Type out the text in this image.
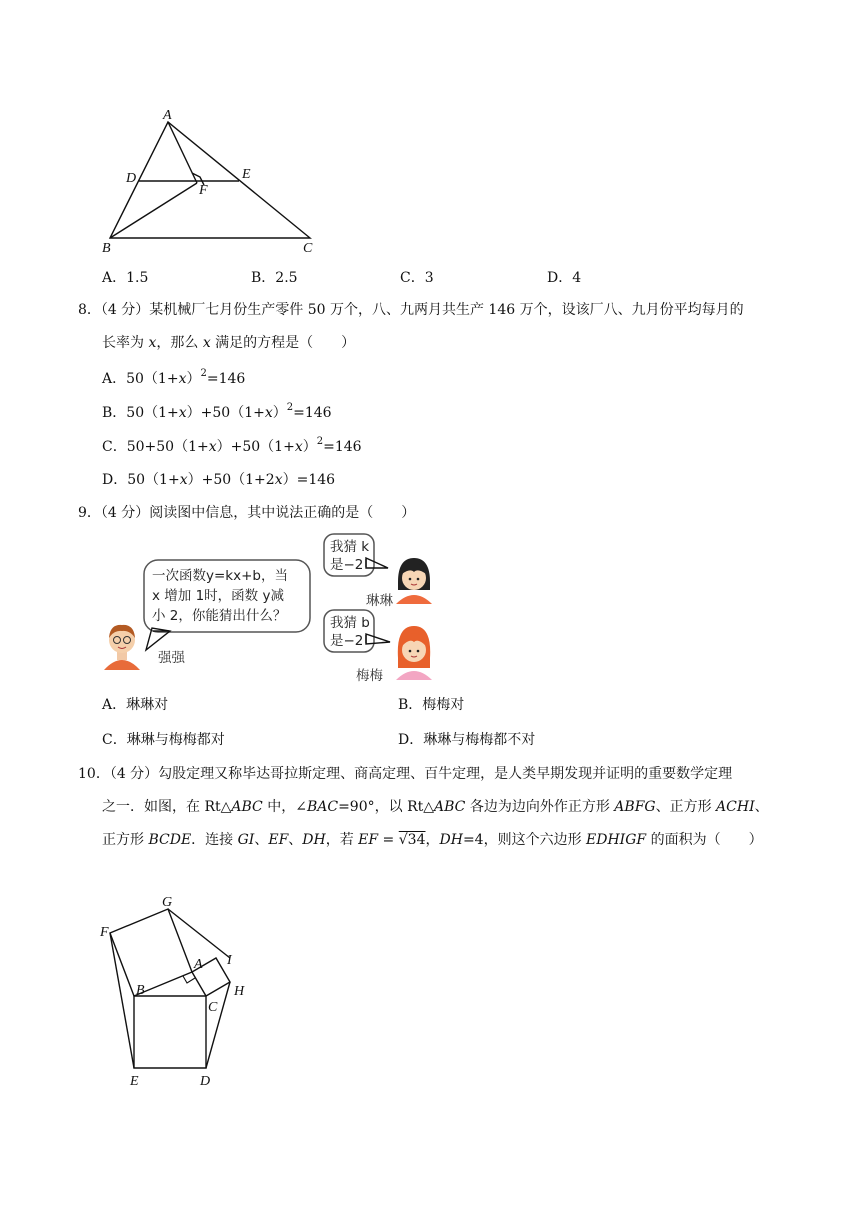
A
D	E
F
B	C
A．1.5	B．2.5	C．3	D．4
8．（4 分）某机械厂七月份生产零件 50 万个，八、九两月共生产 146 万个，设该厂八、九月份平均每月的
长率为 x，那么 x 满足的方程是（　　）
A．$50(1+x)^2=146$
B．$50(1+x)+50(1+x)^2=146$
C．$50+50(1+x)+50(1+x)^2=146$
D．50（1+x）+50（1+2x）=146
9．（4 分）阅读图中信息，其中说法正确的是（　　）
一次函数y=kx+b，当
x 增加 1时，函数 y减
小 2，你能猜出什么？
强强
我猜 k
是−2
琳琳
我猜 b
是−2
梅梅
A．琳琳对	B．梅梅对
C．琳琳与梅梅都对	D．琳琳与梅梅都不对
10．（4 分）勾股定理又称毕达哥拉斯定理、商高定理、百牛定理，是人类早期发现并证明的重要数学定理
之一．如图，在 Rt△ABC 中，∠BAC=90°，以 Rt△ABC 各边为边向外作正方形 ABFG、正方形 ACHI、
正方形 BCDE．连接 GI、EF、DH，若 EF = √34，DH=4，则这个六边形 EDHIGF 的面积为（　　）
G
F
A I
B	H
C
E	D
